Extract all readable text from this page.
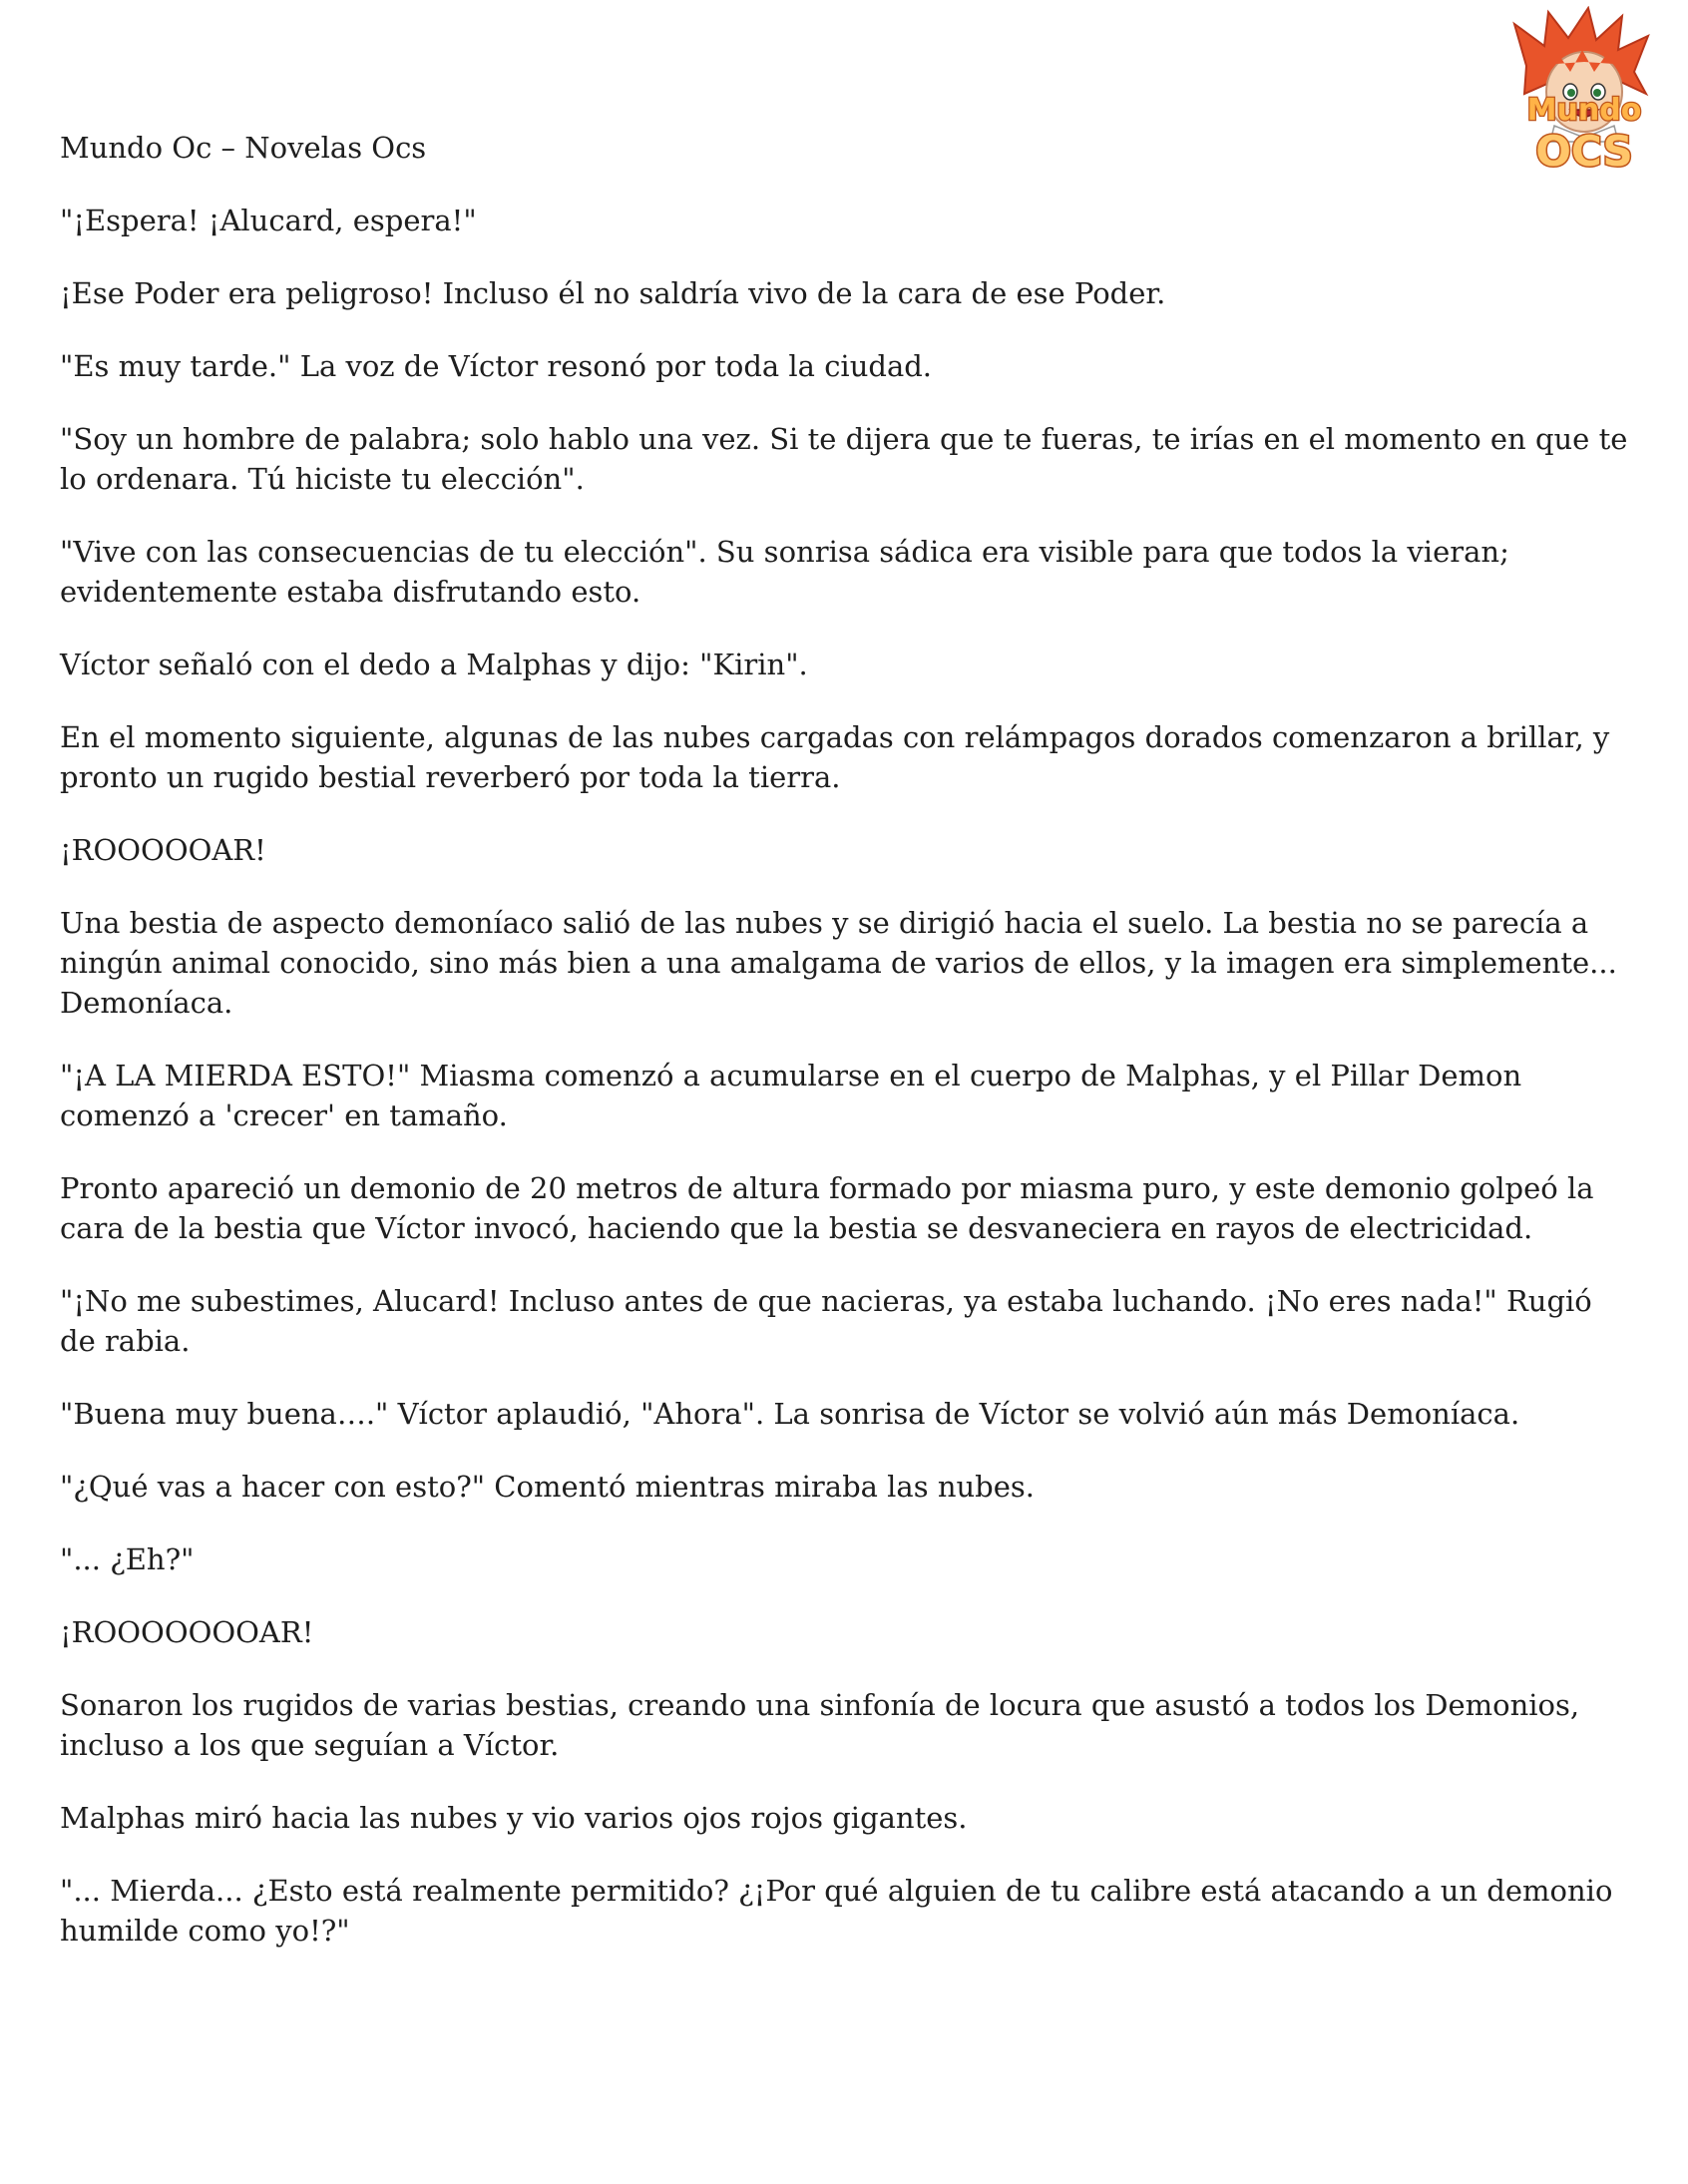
Mundo
OCS

Mundo Oc – Novelas Ocs

"¡Espera! ¡Alucard, espera!"

¡Ese Poder era peligroso! Incluso él no saldría vivo de la cara de ese Poder.

"Es muy tarde." La voz de Víctor resonó por toda la ciudad.

"Soy un hombre de palabra; solo hablo una vez. Si te dijera que te fueras, te irías en el momento en que te lo ordenara. Tú hiciste tu elección".

"Vive con las consecuencias de tu elección". Su sonrisa sádica era visible para que todos la vieran; evidentemente estaba disfrutando esto.

Víctor señaló con el dedo a Malphas y dijo: "Kirin".

En el momento siguiente, algunas de las nubes cargadas con relámpagos dorados comenzaron a brillar, y pronto un rugido bestial reverberó por toda la tierra.

¡ROOOOOAR!

Una bestia de aspecto demoníaco salió de las nubes y se dirigió hacia el suelo. La bestia no se parecía a ningún animal conocido, sino más bien a una amalgama de varios de ellos, y la imagen era simplemente... Demoníaca.

"¡A LA MIERDA ESTO!" Miasma comenzó a acumularse en el cuerpo de Malphas, y el Pillar Demon comenzó a 'crecer' en tamaño.

Pronto apareció un demonio de 20 metros de altura formado por miasma puro, y este demonio golpeó la cara de la bestia que Víctor invocó, haciendo que la bestia se desvaneciera en rayos de electricidad.

"¡No me subestimes, Alucard! Incluso antes de que nacieras, ya estaba luchando. ¡No eres nada!" Rugió de rabia.

"Buena muy buena…." Víctor aplaudió, "Ahora". La sonrisa de Víctor se volvió aún más Demoníaca.

"¿Qué vas a hacer con esto?" Comentó mientras miraba las nubes.

"... ¿Eh?"

¡ROOOOOOOAR!

Sonaron los rugidos de varias bestias, creando una sinfonía de locura que asustó a todos los Demonios, incluso a los que seguían a Víctor.

Malphas miró hacia las nubes y vio varios ojos rojos gigantes.

"... Mierda... ¿Esto está realmente permitido? ¿¡Por qué alguien de tu calibre está atacando a un demonio humilde como yo!?"
